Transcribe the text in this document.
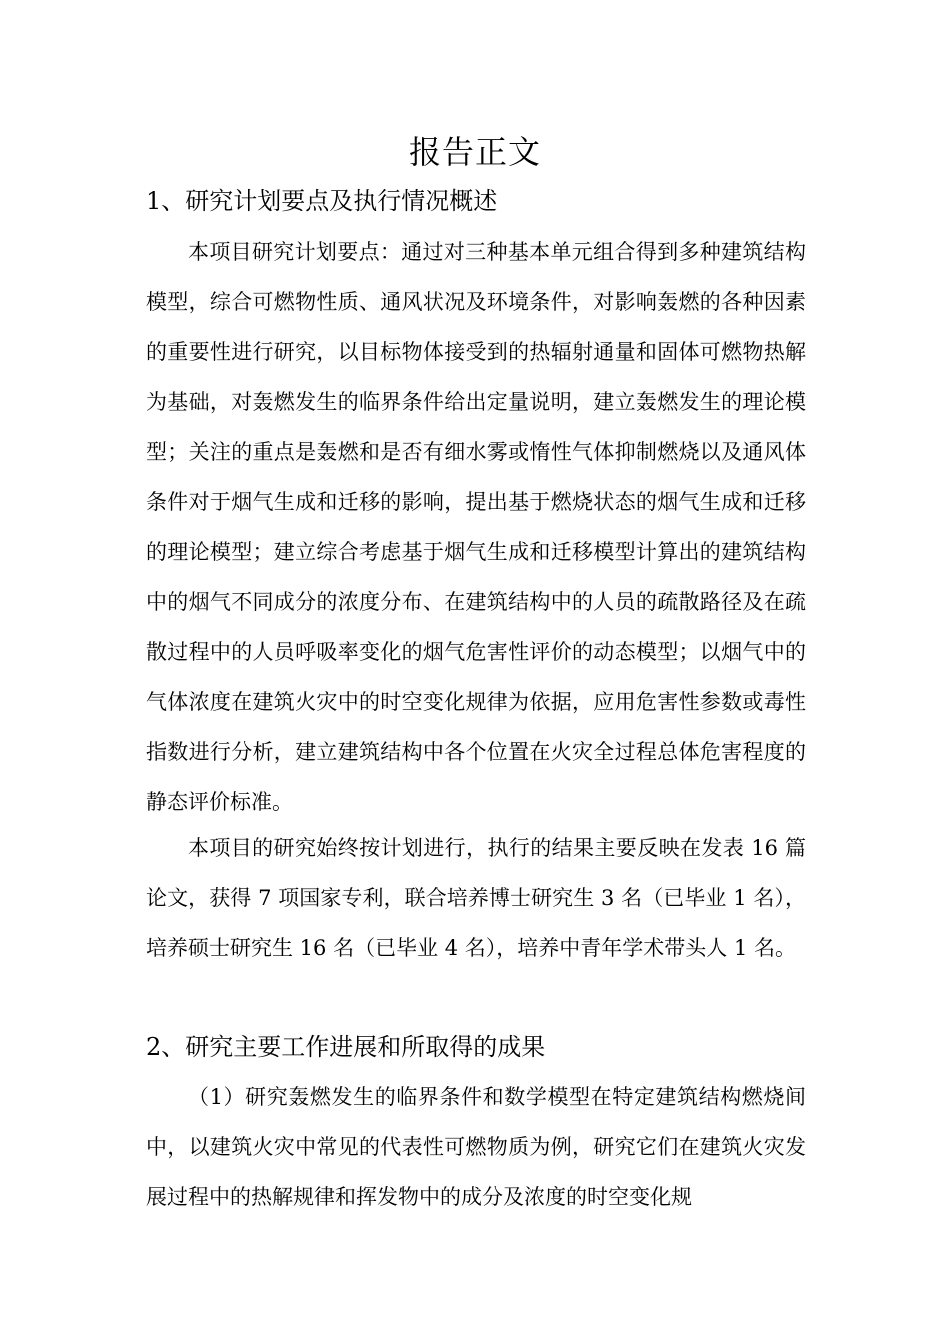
报告正文
1、研究计划要点及执行情况概述
本项目研究计划要点：通过对三种基本单元组合得到多种建筑结构模型，综合可燃物性质、通风状况及环境条件，对影响轰燃的各种因素的重要性进行研究，以目标物体接受到的热辐射通量和固体可燃物热解为基础，对轰燃发生的临界条件给出定量说明，建立轰燃发生的理论模型；关注的重点是轰燃和是否有细水雾或惰性气体抑制燃烧以及通风体条件对于烟气生成和迁移的影响，提出基于燃烧状态的烟气生成和迁移的理论模型；建立综合考虑基于烟气生成和迁移模型计算出的建筑结构中的烟气不同成分的浓度分布、在建筑结构中的人员的疏散路径及在疏散过程中的人员呼吸率变化的烟气危害性评价的动态模型；以烟气中的气体浓度在建筑火灾中的时空变化规律为依据，应用危害性参数或毒性指数进行分析，建立建筑结构中各个位置在火灾全过程总体危害程度的静态评价标准。
本项目的研究始终按计划进行，执行的结果主要反映在发表 16 篇论文，获得 7 项国家专利，联合培养博士研究生 3 名（已毕业 1 名），培养硕士研究生 16 名（已毕业 4 名），培养中青年学术带头人 1 名。
2、研究主要工作进展和所取得的成果
（1）研究轰燃发生的临界条件和数学模型在特定建筑结构燃烧间中，以建筑火灾中常见的代表性可燃物质为例，研究它们在建筑火灾发展过程中的热解规律和挥发物中的成分及浓度的时空变化规
